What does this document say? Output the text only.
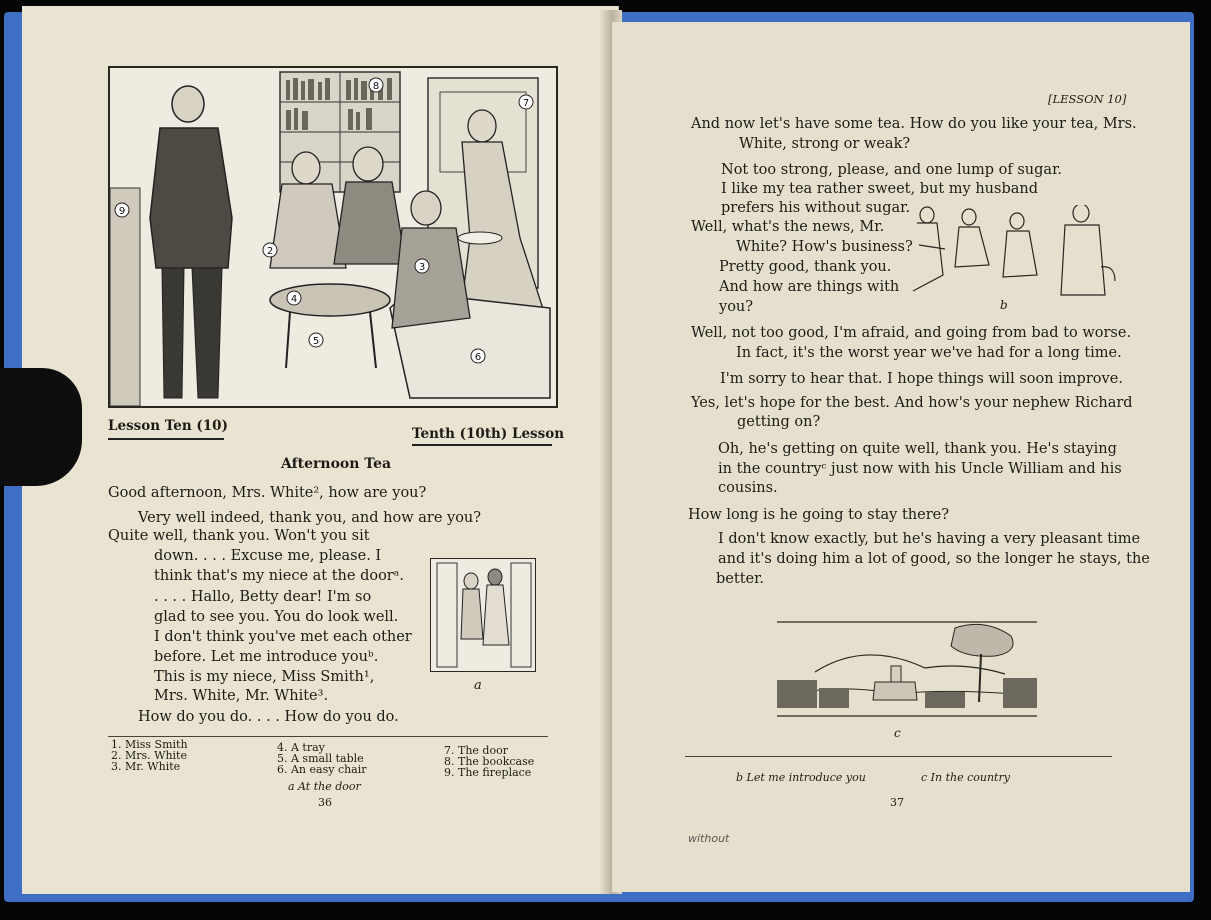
8
7
9
2
3
4
5
6
Lesson Ten (10)	Tenth (10th) Lesson
Afternoon Tea
Good afternoon, Mrs. White², how are you?
Very well indeed, thank you, and how are you?
Quite well, thank you. Won't you sit
down. . . . Excuse me, please. I
think that's my niece at the doorᵃ.
. . . . Hallo, Betty dear! I'm so
glad to see you. You do look well.
I don't think you've met each other
before. Let me introduce youᵇ.
This is my niece, Miss Smith¹,
Mrs. White, Mr. White³.
How do you do. . . . How do you do.
a
1. Miss Smith
2. Mrs. White
3. Mr. White
4. A tray
5. A small table
6. An easy chair
7. The door
8. The bookcase
9. The fireplace
a At the door
36
[LESSON 10]
And now let's have some tea. How do you like your tea, Mrs.
White, strong or weak?
Not too strong, please, and one lump of sugar.
I like my tea rather sweet, but my husband
prefers his without sugar.
Well, what's the news, Mr.
White? How's business?
Pretty good, thank you.
And how are things with
you?	b
Well, not too good, I'm afraid, and going from bad to worse.
In fact, it's the worst year we've had for a long time.
I'm sorry to hear that. I hope things will soon improve.
Yes, let's hope for the best. And how's your nephew Richard
getting on?
Oh, he's getting on quite well, thank you. He's staying
in the countryᶜ just now with his Uncle William and his
cousins.
How long is he going to stay there?
I don't know exactly, but he's having a very pleasant time
and it's doing him a lot of good, so the longer he stays, the
better.
c
b Let me introduce you	c In the country
37
without
